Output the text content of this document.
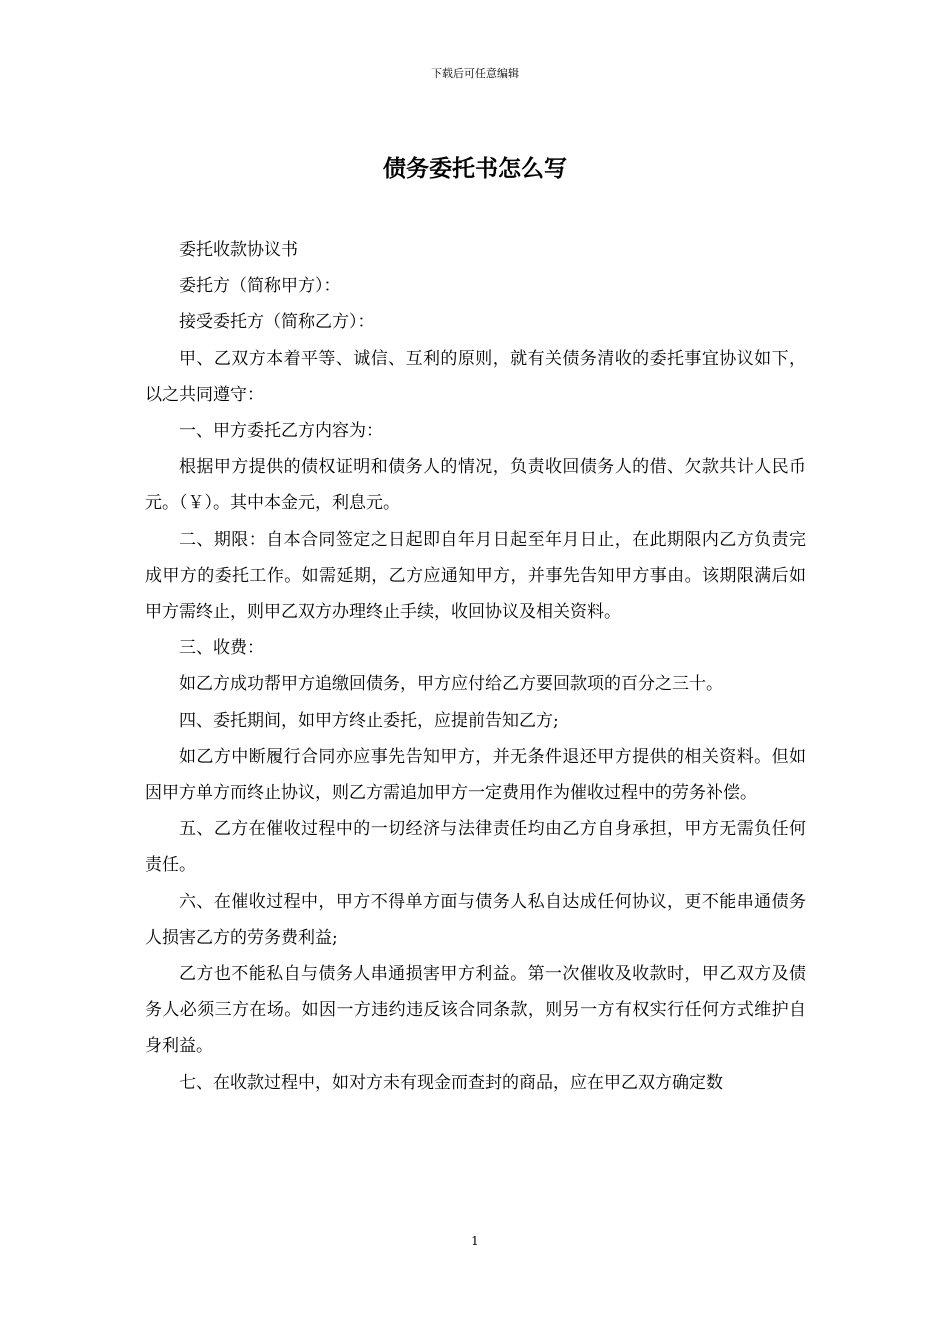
下载后可任意编辑
债务委托书怎么写

委托收款协议书

委托方（简称甲方）：

接受委托方（简称乙方）：

甲、乙双方本着平等、诚信、互利的原则，就有关债务清收的委托事宜协议如下，以之共同遵守：

一、甲方委托乙方内容为：

根据甲方提供的债权证明和债务人的情况，负责收回债务人的借、欠款共计人民币元。（￥）。其中本金元，利息元。

二、期限：自本合同签定之日起即自年月日起至年月日止，在此期限内乙方负责完成甲方的委托工作。如需延期，乙方应通知甲方，并事先告知甲方事由。该期限满后如甲方需终止，则甲乙双方办理终止手续，收回协议及相关资料。

三、收费：

如乙方成功帮甲方追缴回债务，甲方应付给乙方要回款项的百分之三十。

四、委托期间，如甲方终止委托，应提前告知乙方;

如乙方中断履行合同亦应事先告知甲方，并无条件退还甲方提供的相关资料。但如因甲方单方而终止协议，则乙方需追加甲方一定费用作为催收过程中的劳务补偿。

五、乙方在催收过程中的一切经济与法律责任均由乙方自身承担，甲方无需负任何责任。

六、在催收过程中，甲方不得单方面与债务人私自达成任何协议，更不能串通债务人损害乙方的劳务费利益;

乙方也不能私自与债务人串通损害甲方利益。第一次催收及收款时，甲乙双方及债务人必须三方在场。如因一方违约违反该合同条款，则另一方有权实行任何方式维护自身利益。

七、在收款过程中，如对方未有现金而查封的商品，应在甲乙双方确定数

1
